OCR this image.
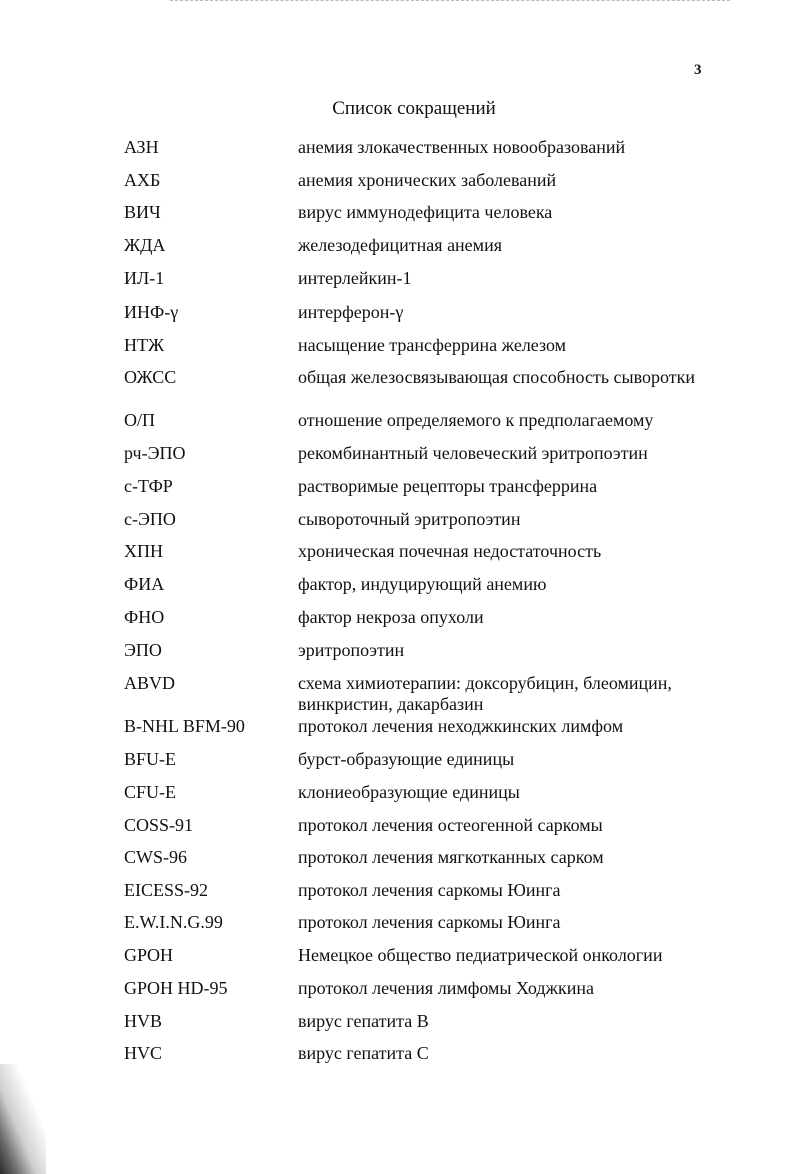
3
Список сокращений
АЗН	анемия злокачественных новообразований
АХБ	анемия хронических заболеваний
ВИЧ	вирус иммунодефицита человека
ЖДА	железодефицитная анемия
ИЛ-1	интерлейкин-1
ИНФ-γ	интерферон-γ
НТЖ	насыщение трансферрина железом
ОЖСС	общая железосвязывающая способность сыворотки
О/П	отношение определяемого к предполагаемому
рч-ЭПО	рекомбинантный человеческий эритропоэтин
с-ТФР	растворимые рецепторы трансферрина
с-ЭПО	сывороточный эритропоэтин
ХПН	хроническая почечная недостаточность
ФИА	фактор, индуцирующий анемию
ФНО	фактор некроза опухоли
ЭПО	эритропоэтин
ABVD	схема химиотерапии: доксорубицин, блеомицин, винкристин, дакарбазин
B-NHL BFM-90	протокол лечения неходжкинских лимфом
BFU-E	бурст-образующие единицы
CFU-E	клониеобразующие единицы
COSS-91	протокол лечения остеогенной саркомы
CWS-96	протокол лечения мягкотканных сарком
EICESS-92	протокол лечения саркомы Юинга
E.W.I.N.G.99	протокол лечения саркомы Юинга
GPOH	Немецкое общество педиатрической онкологии
GPOH HD-95	протокол лечения лимфомы Ходжкина
HVB	вирус гепатита В
HVC	вирус гепатита С
